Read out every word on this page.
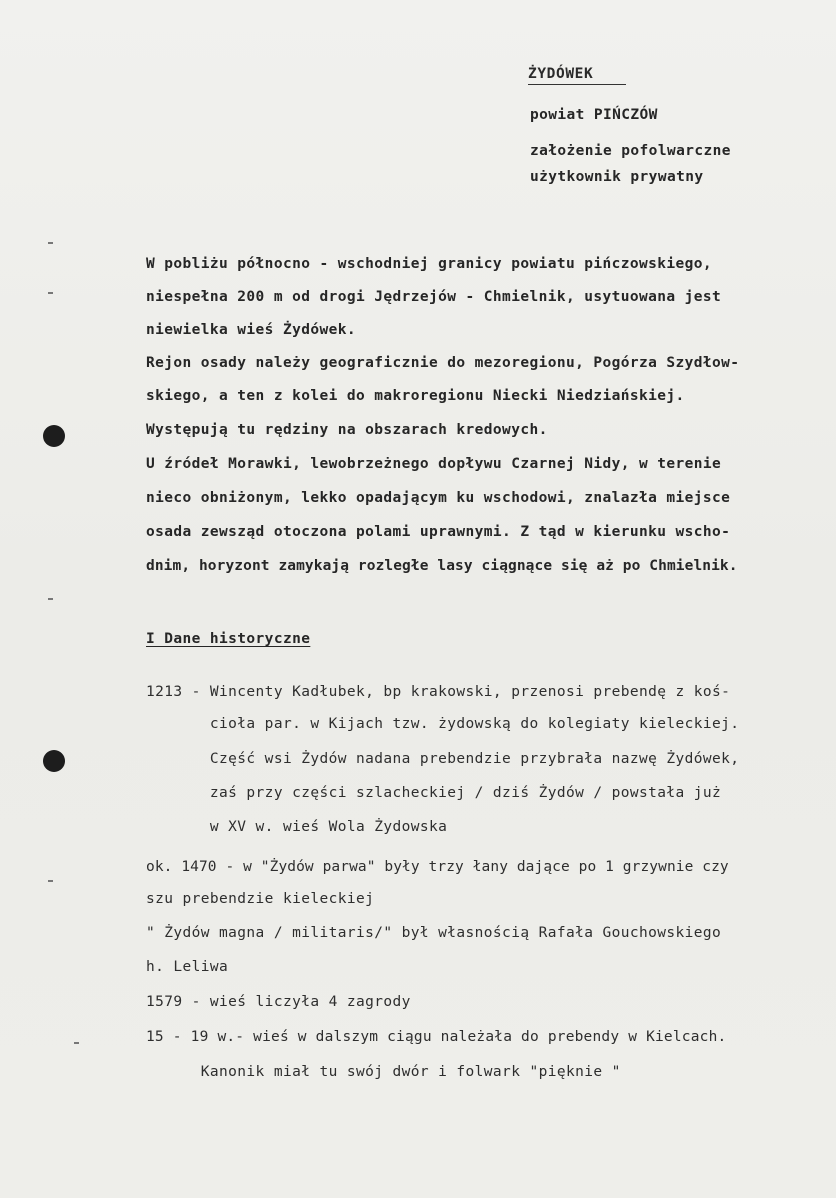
ŻYDÓWEK
powiat PIŃCZÓW
założenie pofolwarczne
użytkownik prywatny
W pobliżu północno - wschodniej granicy powiatu pińczowskiego,
niespełna 200 m od drogi Jędrzejów - Chmielnik, usytuowana jest
niewielka wieś Żydówek.
Rejon osady należy geograficznie do mezoregionu, Pogórza Szydłow-
skiego, a ten z kolei do makroregionu Niecki Niedziańskiej.
Występują tu rędziny na obszarach kredowych.
U źródeł Morawki, lewobrzeżnego dopływu Czarnej Nidy, w terenie
nieco obniżonym, lekko opadającym ku wschodowi, znalazła miejsce
osada zewsząd otoczona polami uprawnymi. Z tąd w kierunku wscho-
dnim, horyzont zamykają rozległe lasy ciągnące się aż po Chmielnik.
I Dane historyczne
1213 - Wincenty Kadłubek, bp krakowski, przenosi prebendę z koś-
cioła par. w Kijach tzw. żydowską do kolegiaty kieleckiej.
Część wsi Żydów nadana prebendzie przybrała nazwę Żydówek,
zaś przy części szlacheckiej / dziś Żydów / powstała już
w XV w. wieś Wola Żydowska
ok. 1470 - w "Żydów parwa" były trzy łany dające po 1 grzywnie czy
szu prebendzie kieleckiej
" Żydów magna / militaris/" był własnością Rafała Gouchowskiego
h. Leliwa
1579 - wieś liczyła 4 zagrody
15 - 19 w.- wieś w dalszym ciągu należała do prebendy w Kielcach.
Kanonik miał tu swój dwór i folwark "pięknie "
